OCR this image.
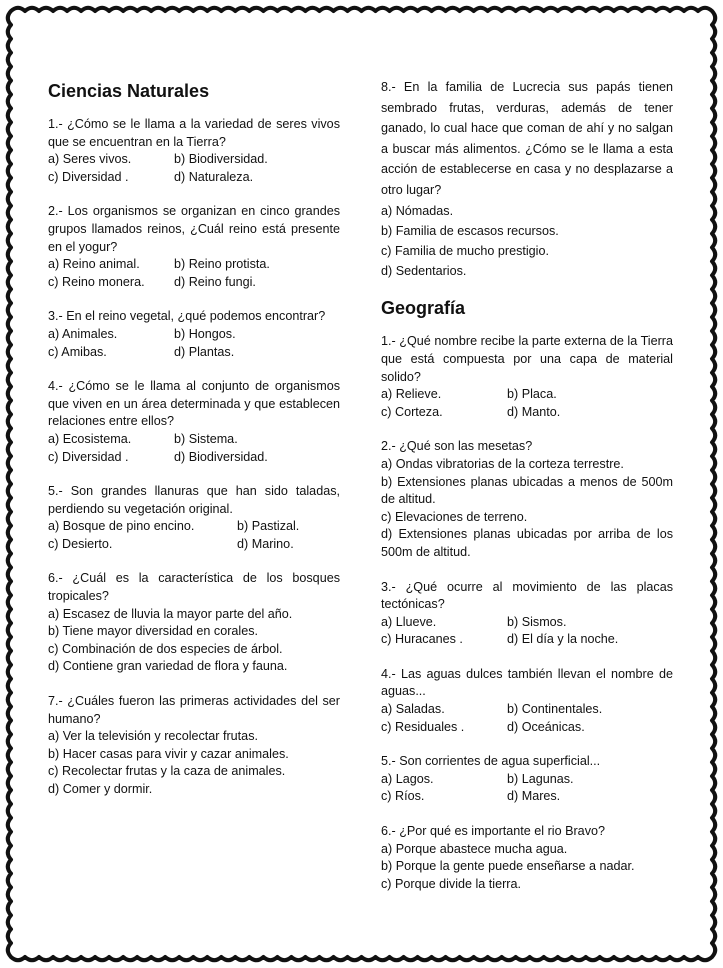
Ciencias Naturales
1.- ¿Cómo se le llama a la variedad de seres vivos que se encuentran en la Tierra?
a) Seres vivos.	b) Biodiversidad.
c) Diversidad .	d) Naturaleza.
2.- Los organismos se organizan en cinco grandes grupos llamados reinos, ¿Cuál reino está presente en el yogur?
a) Reino animal.	b) Reino protista.
c) Reino monera.	d) Reino fungi.
3.- En el reino vegetal, ¿qué podemos encontrar?
a) Animales.	b) Hongos.
c) Amibas.	d) Plantas.
4.- ¿Cómo se le llama al conjunto de organismos que viven en un área determinada y que establecen relaciones entre ellos?
a) Ecosistema.	b) Sistema.
c) Diversidad .	d) Biodiversidad.
5.- Son grandes llanuras que han sido taladas, perdiendo su vegetación original.
a) Bosque de pino encino.	b) Pastizal.
c) Desierto.	d) Marino.
6.- ¿Cuál es la característica de los bosques tropicales?
a) Escasez de lluvia la mayor parte del año.
b) Tiene mayor diversidad en corales.
c) Combinación de dos especies de árbol.
d) Contiene gran variedad de flora y fauna.
7.- ¿Cuáles fueron las primeras actividades del ser humano?
a) Ver la televisión y recolectar frutas.
b) Hacer casas para vivir y cazar animales.
c) Recolectar frutas y la caza de animales.
d) Comer y dormir.
8.- En la familia de Lucrecia sus papás tienen sembrado frutas, verduras, además de tener ganado, lo cual hace que coman de ahí y no salgan a buscar más alimentos. ¿Cómo se le llama a esta acción de establecerse en casa y no desplazarse a otro lugar?
a) Nómadas.
b) Familia de escasos recursos.
c) Familia de mucho prestigio.
d) Sedentarios.
Geografía
1.- ¿Qué nombre recibe la parte externa de la Tierra que está compuesta por una capa de material solido?
a) Relieve.	b) Placa.
c) Corteza.	d) Manto.
2.- ¿Qué son las mesetas?
a) Ondas vibratorias de la corteza terrestre.
b) Extensiones planas ubicadas a menos de 500m de altitud.
c) Elevaciones de terreno.
d) Extensiones planas ubicadas por arriba de los 500m de altitud.
3.- ¿Qué ocurre al movimiento de las placas tectónicas?
a) Llueve.	b) Sismos.
c) Huracanes .	d) El día y la noche.
4.- Las aguas dulces también llevan el nombre de aguas...
a) Saladas.	b) Continentales.
c) Residuales .	d) Oceánicas.
5.- Son corrientes de agua superficial...
a) Lagos.	b) Lagunas.
c) Ríos.	d) Mares.
6.- ¿Por qué es importante el rio Bravo?
a) Porque abastece mucha agua.
b) Porque la gente puede enseñarse a nadar.
c) Porque divide la tierra.
